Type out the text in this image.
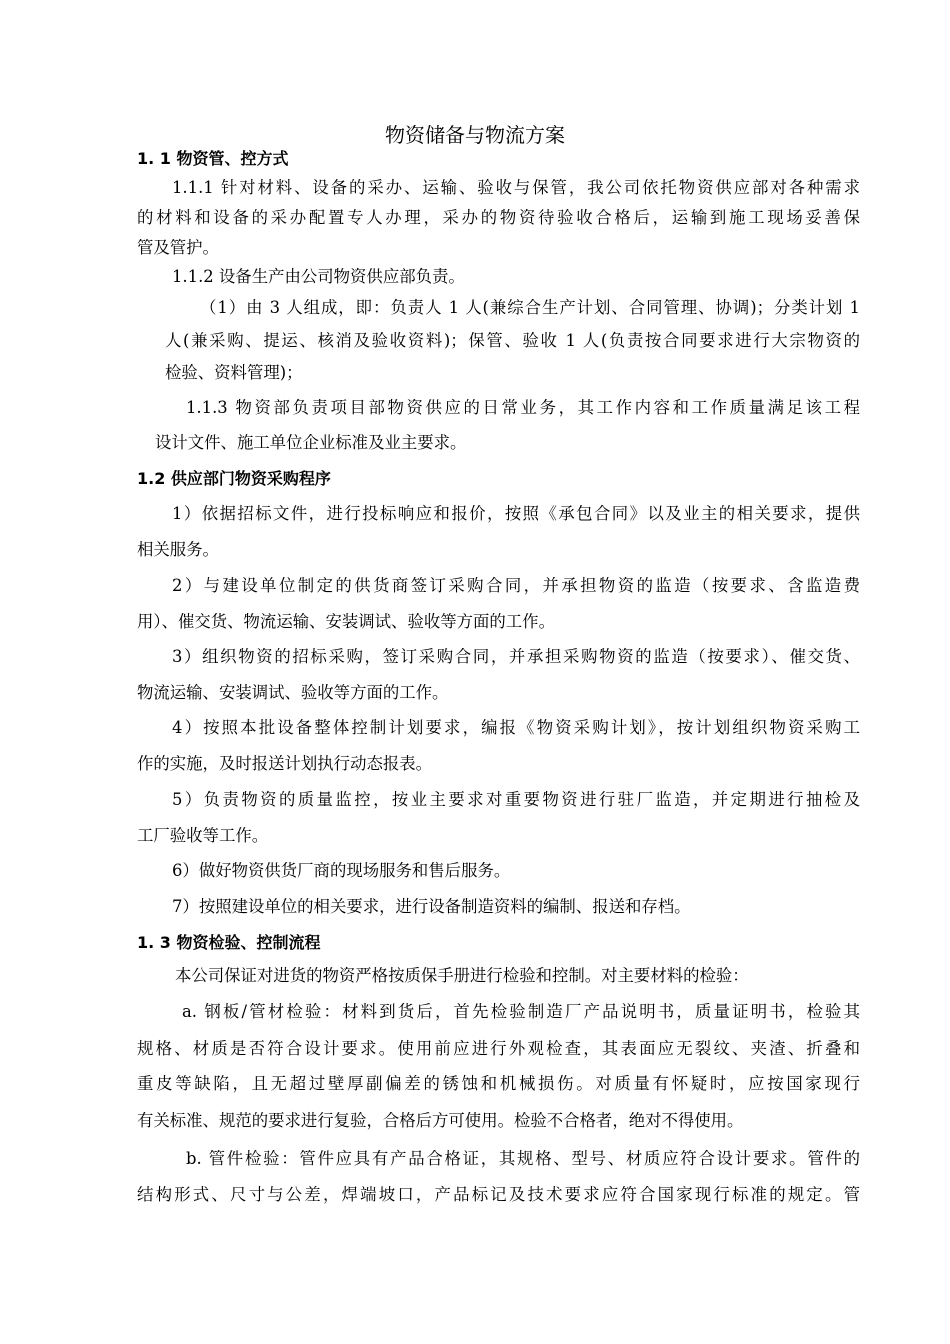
物资储备与物流方案
1. 1 物资管、控方式
1.1.1 针对材料、设备的采办、运输、验收与保管，我公司依托物资供应部对各种需求
的材料和设备的采办配置专人办理，采办的物资待验收合格后，运输到施工现场妥善保
管及管护。
1.1.2 设备生产由公司物资供应部负责。
（1）由 3 人组成，即：负责人 1 人(兼综合生产计划、合同管理、协调)；分类计划 1
人(兼采购、提运、核消及验收资料)；保管、验收 1 人(负责按合同要求进行大宗物资的
检验、资料管理)；
1.1.3 物资部负责项目部物资供应的日常业务，其工作内容和工作质量满足该工程
设计文件、施工单位企业标准及业主要求。
1.2 供应部门物资采购程序
1）依据招标文件，进行投标响应和报价，按照《承包合同》以及业主的相关要求，提供
相关服务。
2）与建设单位制定的供货商签订采购合同，并承担物资的监造（按要求、含监造费
用）、催交货、物流运输、安装调试、验收等方面的工作。
3）组织物资的招标采购，签订采购合同，并承担采购物资的监造（按要求）、催交货、
物流运输、安装调试、验收等方面的工作。
4）按照本批设备整体控制计划要求，编报《物资采购计划》，按计划组织物资采购工
作的实施，及时报送计划执行动态报表。
5）负责物资的质量监控，按业主要求对重要物资进行驻厂监造，并定期进行抽检及
工厂验收等工作。
6）做好物资供货厂商的现场服务和售后服务。
7）按照建设单位的相关要求，进行设备制造资料的编制、报送和存档。
1. 3 物资检验、控制流程
本公司保证对进货的物资严格按质保手册进行检验和控制。对主要材料的检验：
a. 钢板/管材检验：材料到货后，首先检验制造厂产品说明书，质量证明书，检验其
规格、材质是否符合设计要求。使用前应进行外观检查，其表面应无裂纹、夹渣、折叠和
重皮等缺陷，且无超过壁厚副偏差的锈蚀和机械损伤。对质量有怀疑时，应按国家现行
有关标准、规范的要求进行复验，合格后方可使用。检验不合格者，绝对不得使用。
b. 管件检验：管件应具有产品合格证，其规格、型号、材质应符合设计要求。管件的
结构形式、尺寸与公差，焊端坡口，产品标记及技术要求应符合国家现行标准的规定。管
